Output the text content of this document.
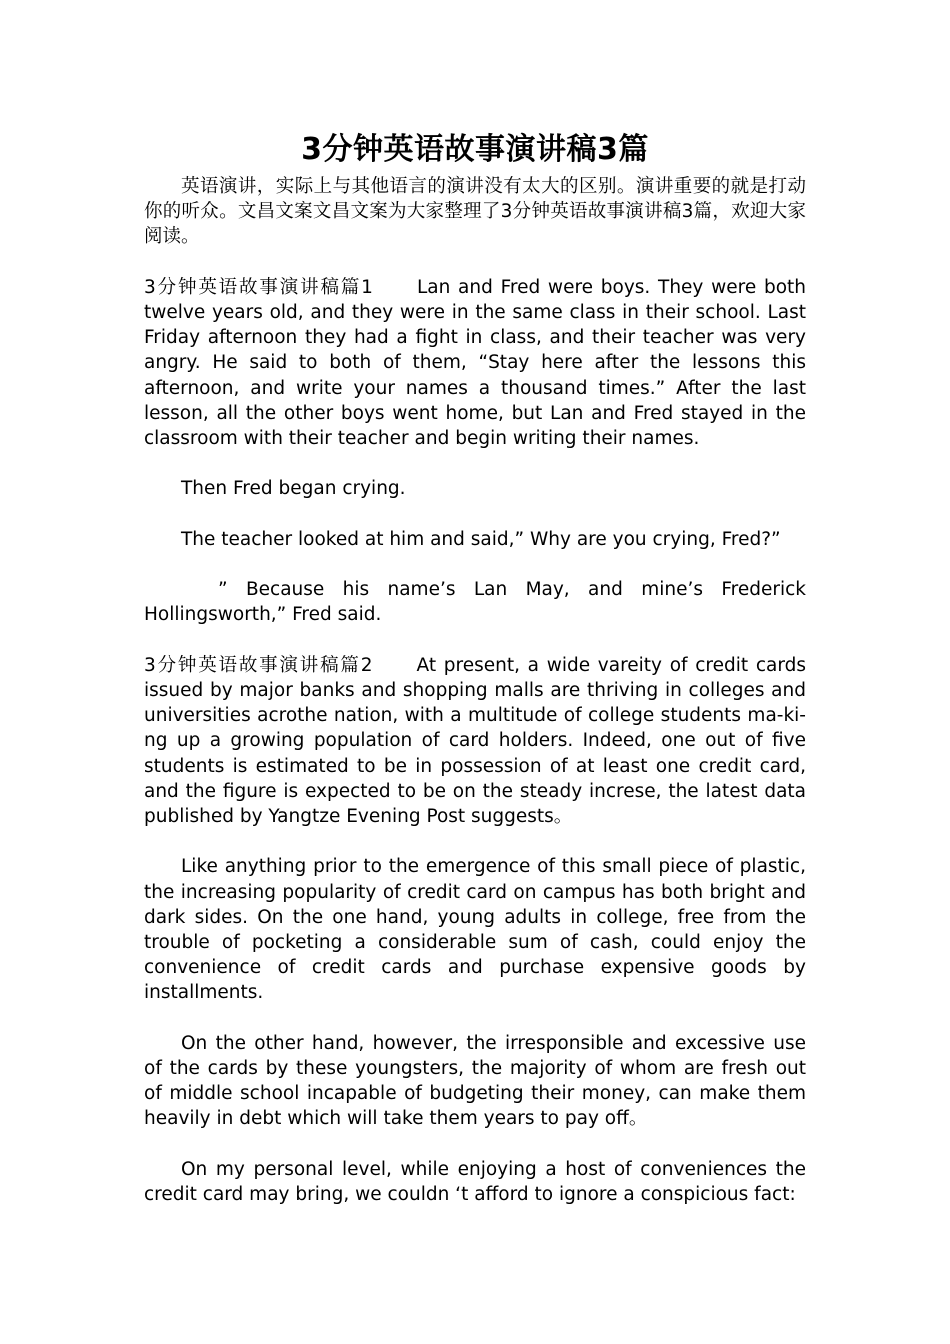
3分钟英语故事演讲稿3篇

英语演讲，实际上与其他语言的演讲没有太大的区别。演讲重要的就是打动你的听众。文昌文案文昌文案为大家整理了3分钟英语故事演讲稿3篇，欢迎大家阅读。

3分钟英语故事演讲稿篇1 Lan and Fred were boys. They were both twelve years old, and they were in the same class in their school. Last Friday afternoon they had a fight in class, and their teacher was very angry. He said to both of them, “Stay here after the lessons this afternoon, and write your names a thousand times.” After the last lesson, all the other boys went home, but Lan and Fred stayed in the classroom with their teacher and begin writing their names.

Then Fred began crying.

The teacher looked at him and said,” Why are you crying, Fred?”

” Because his name’s Lan May, and mine’s Frederick Hollingsworth,” Fred said.

3分钟英语故事演讲稿篇2 At present, a wide vareity of credit cards issued by major banks and shopping malls are thriving in colleges and universities acrothe nation, with a multitude of college students ma-ki-ng up a growing population of card holders. Indeed, one out of five students is estimated to be in possession of at least one credit card, and the figure is expected to be on the steady increse, the latest data published by Yangtze Evening Post suggests。

Like anything prior to the emergence of this small piece of plastic, the increasing popularity of credit card on campus has both bright and dark sides. On the one hand, young adults in college, free from the trouble of pocketing a considerable sum of cash, could enjoy the convenience of credit cards and purchase expensive goods by installments.

On the other hand, however, the irresponsible and excessive use of the cards by these youngsters, the majority of whom are fresh out of middle school incapable of budgeting their money, can make them heavily in debt which will take them years to pay off。

On my personal level, while enjoying a host of conveniences the credit card may bring, we couldn ‘t afford to ignore a conspicious fact:
